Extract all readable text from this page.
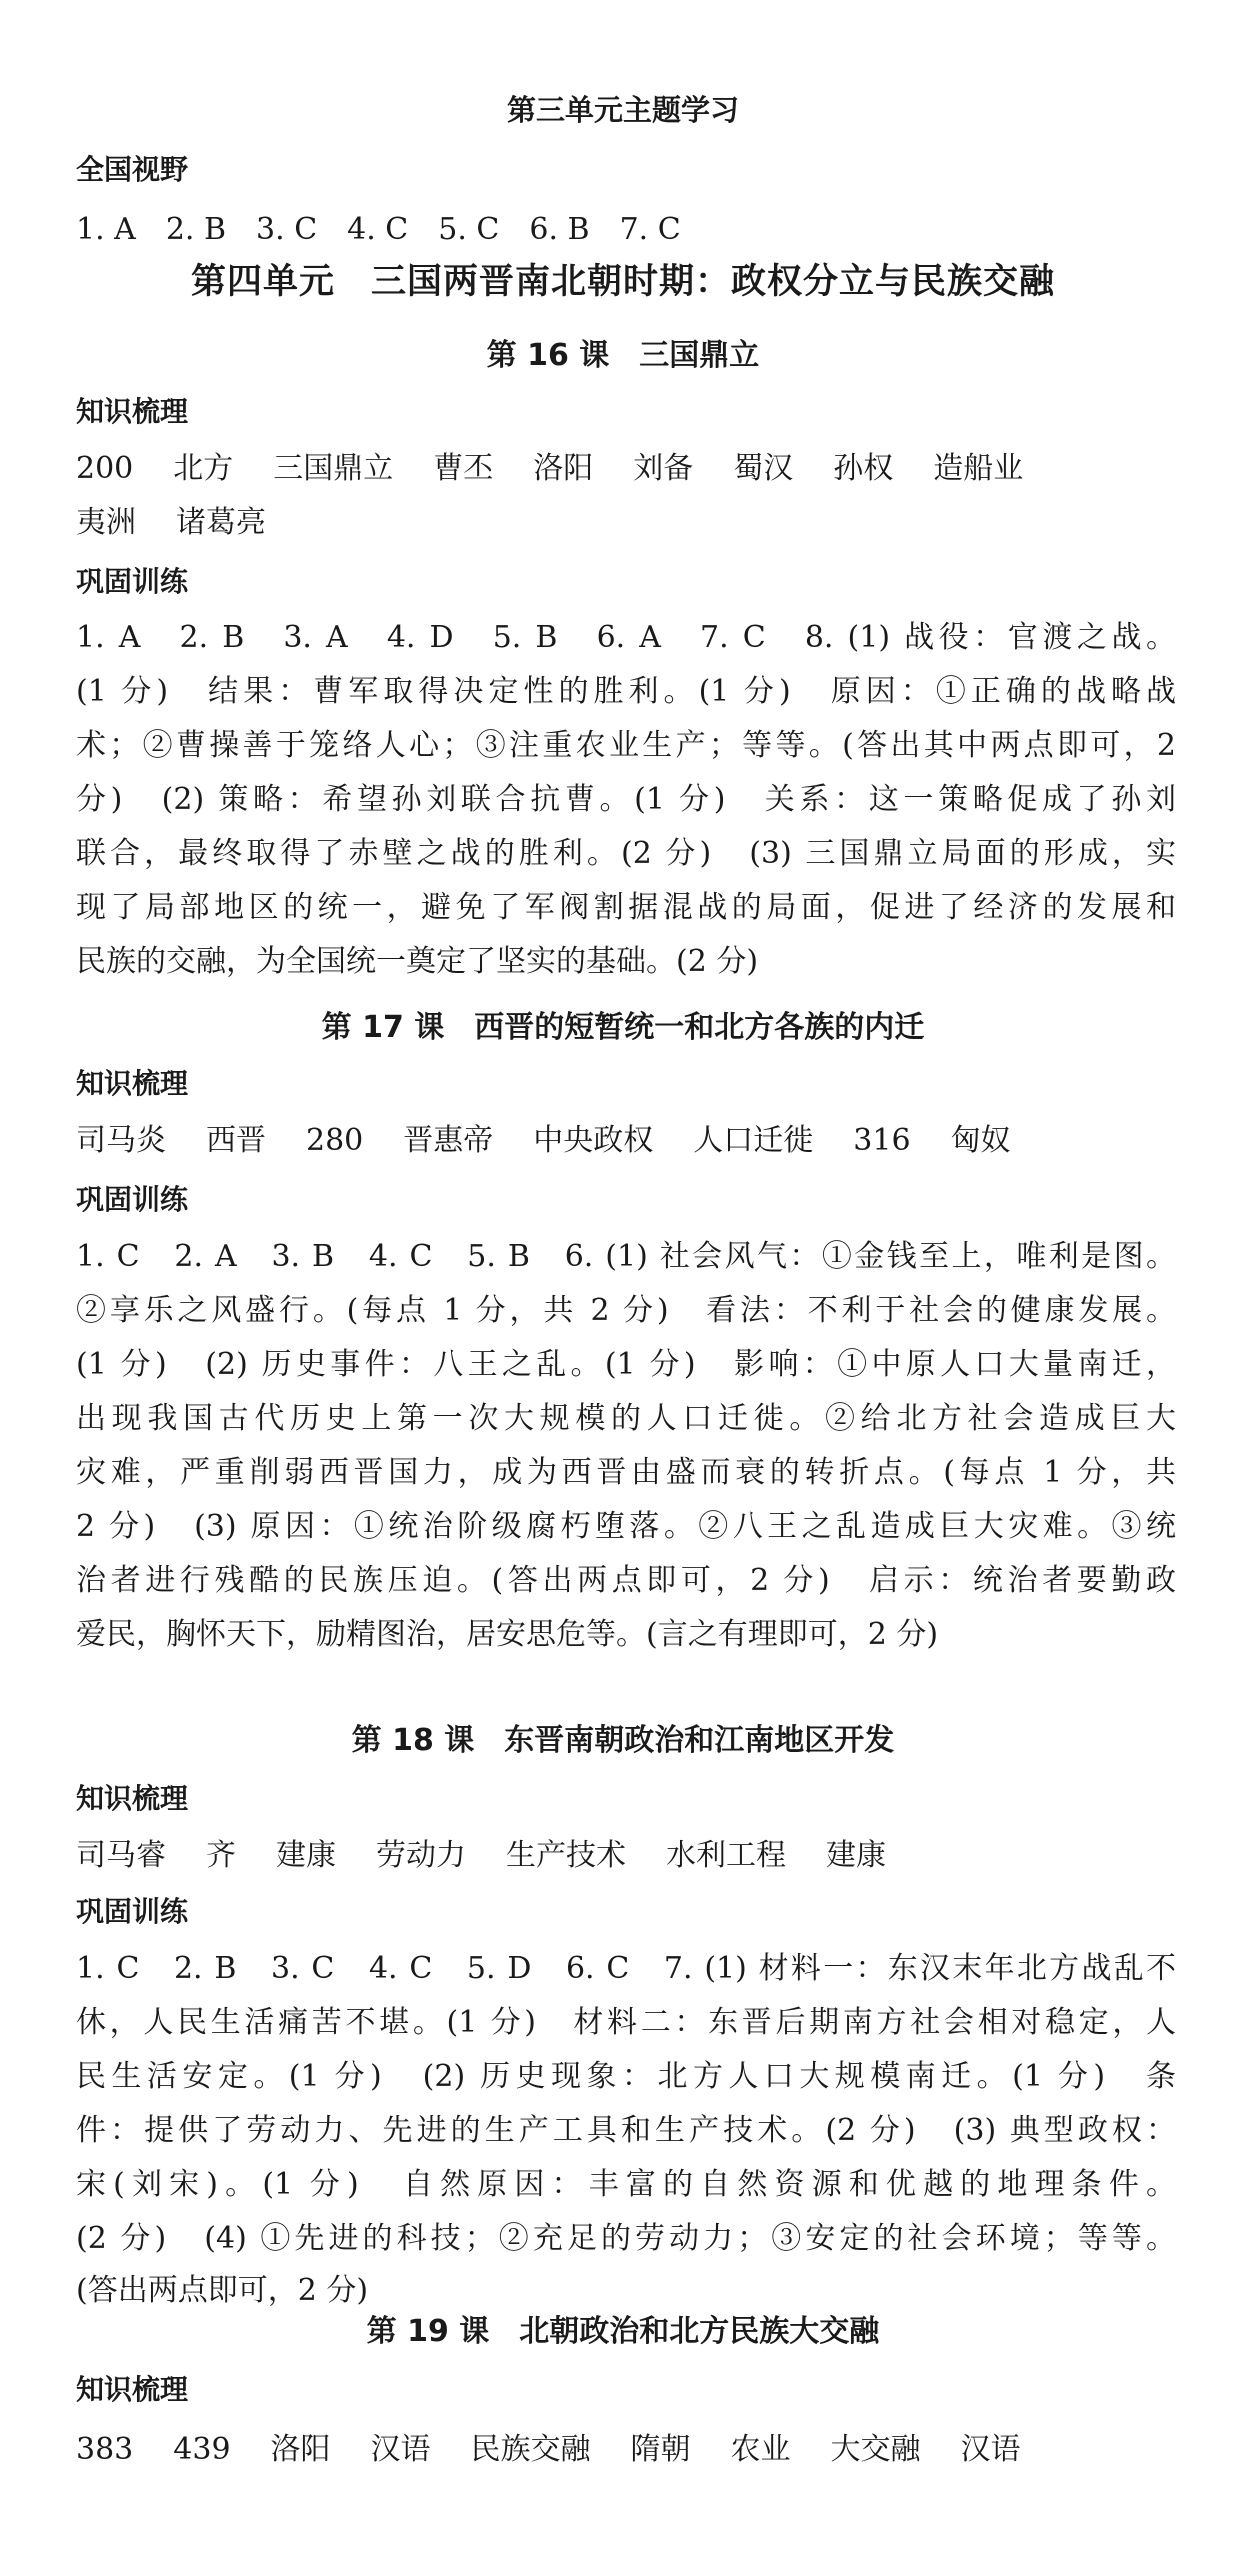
第三单元主题学习
全国视野
1. A　2. B　3. C　4. C　5. C　6. B　7. C
第四单元　三国两晋南北朝时期：政权分立与民族交融
第 16 课　三国鼎立
知识梳理
200 北方 三国鼎立 曹丕 洛阳 刘备 蜀汉 孙权 造船业
夷洲 诸葛亮
巩固训练
1. A　2. B　3. A　4. D　5. B　6. A　7. C　8. (1) 战役：官渡之战。
(1 分)　结果：曹军取得决定性的胜利。(1 分)　原因：①正确的战略战
术；②曹操善于笼络人心；③注重农业生产；等等。(答出其中两点即可，2
分)　(2) 策略：希望孙刘联合抗曹。(1 分)　关系：这一策略促成了孙刘
联合，最终取得了赤壁之战的胜利。(2 分)　(3) 三国鼎立局面的形成，实
现了局部地区的统一，避免了军阀割据混战的局面，促进了经济的发展和
民族的交融，为全国统一奠定了坚实的基础。(2 分)
第 17 课　西晋的短暂统一和北方各族的内迁
知识梳理
司马炎 西晋 280 晋惠帝 中央政权 人口迁徙 316 匈奴
巩固训练
1. C　2. A　3. B　4. C　5. B　6. (1) 社会风气：①金钱至上，唯利是图。
②享乐之风盛行。(每点 1 分，共 2 分)　看法：不利于社会的健康发展。
(1 分)　(2) 历史事件：八王之乱。(1 分)　影响：①中原人口大量南迁，
出现我国古代历史上第一次大规模的人口迁徙。②给北方社会造成巨大
灾难，严重削弱西晋国力，成为西晋由盛而衰的转折点。(每点 1 分，共
2 分)　(3) 原因：①统治阶级腐朽堕落。②八王之乱造成巨大灾难。③统
治者进行残酷的民族压迫。(答出两点即可，2 分)　启示：统治者要勤政
爱民，胸怀天下，励精图治，居安思危等。(言之有理即可，2 分)
第 18 课　东晋南朝政治和江南地区开发
知识梳理
司马睿 齐 建康 劳动力 生产技术 水利工程 建康
巩固训练
1. C　2. B　3. C　4. C　5. D　6. C　7. (1) 材料一：东汉末年北方战乱不
休，人民生活痛苦不堪。(1 分)　材料二：东晋后期南方社会相对稳定，人
民生活安定。(1 分)　(2) 历史现象：北方人口大规模南迁。(1 分)　条
件：提供了劳动力、先进的生产工具和生产技术。(2 分)　(3) 典型政权：
宋(刘宋)。(1 分)　自然原因：丰富的自然资源和优越的地理条件。
(2 分)　(4) ①先进的科技；②充足的劳动力；③安定的社会环境；等等。
(答出两点即可，2 分)
第 19 课　北朝政治和北方民族大交融
知识梳理
383 439 洛阳 汉语 民族交融 隋朝 农业 大交融 汉语
